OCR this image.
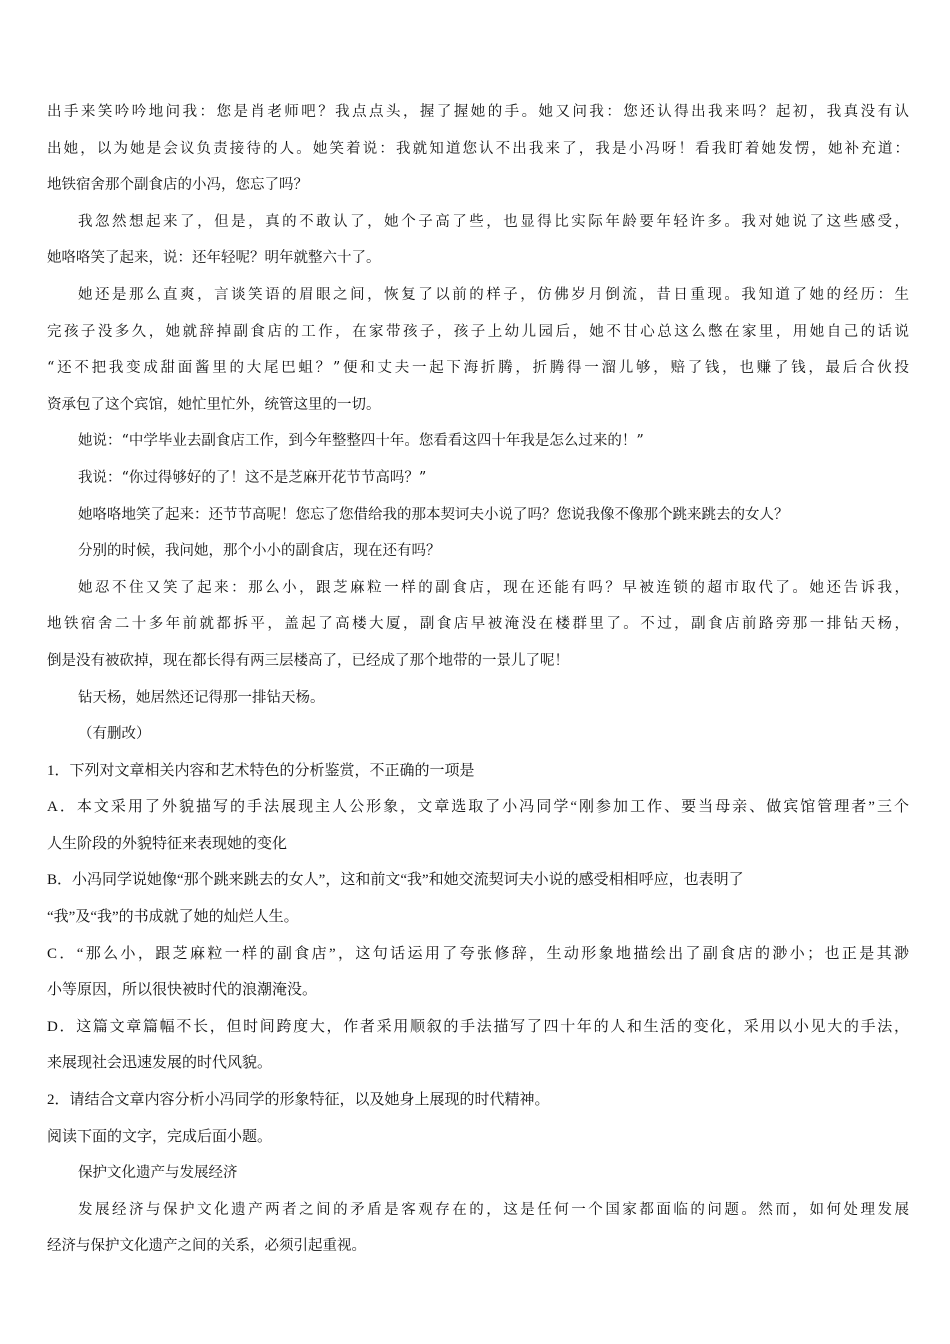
出手来笑吟吟地问我：您是肖老师吧？我点点头，握了握她的手。她又问我：您还认得出我来吗？起初，我真没有认

出她，以为她是会议负责接待的人。她笑着说：我就知道您认不出我来了，我是小冯呀！看我盯着她发愣，她补充道：

地铁宿舍那个副食店的小冯，您忘了吗？

我忽然想起来了，但是，真的不敢认了，她个子高了些，也显得比实际年龄要年轻许多。我对她说了这些感受，

她咯咯笑了起来，说：还年轻呢？明年就整六十了。

她还是那么直爽，言谈笑语的眉眼之间，恢复了以前的样子，仿佛岁月倒流，昔日重现。我知道了她的经历：生

完孩子没多久，她就辞掉副食店的工作，在家带孩子，孩子上幼儿园后，她不甘心总这么憋在家里，用她自己的话说

“还不把我变成甜面酱里的大尾巴蛆？”便和丈夫一起下海折腾，折腾得一溜儿够，赔了钱，也赚了钱，最后合伙投

资承包了这个宾馆，她忙里忙外，统管这里的一切。

她说：“中学毕业去副食店工作，到今年整整四十年。您看看这四十年我是怎么过来的！”

我说：“你过得够好的了！这不是芝麻开花节节高吗？”

她咯咯地笑了起来：还节节高呢！您忘了您借给我的那本契诃夫小说了吗？您说我像不像那个跳来跳去的女人？

分别的时候，我问她，那个小小的副食店，现在还有吗？

她忍不住又笑了起来：那么小，跟芝麻粒一样的副食店，现在还能有吗？早被连锁的超市取代了。她还告诉我，

地铁宿舍二十多年前就都拆平，盖起了高楼大厦，副食店早被淹没在楼群里了。不过，副食店前路旁那一排钻天杨，

倒是没有被砍掉，现在都长得有两三层楼高了，已经成了那个地带的一景儿了呢！

钻天杨，她居然还记得那一排钻天杨。

（有删改）

1．下列对文章相关内容和艺术特色的分析鉴赏，不正确的一项是

A．本文采用了外貌描写的手法展现主人公形象，文章选取了小冯同学“刚参加工作、要当母亲、做宾馆管理者”三个

人生阶段的外貌特征来表现她的变化

B．小冯同学说她像“那个跳来跳去的女人”，这和前文“我”和她交流契诃夫小说的感受相相呼应，也表明了

“我”及“我”的书成就了她的灿烂人生。

C．“那么小，跟芝麻粒一样的副食店”，这句话运用了夸张修辞，生动形象地描绘出了副食店的渺小；也正是其渺

小等原因，所以很快被时代的浪潮淹没。

D．这篇文章篇幅不长，但时间跨度大，作者采用顺叙的手法描写了四十年的人和生活的变化，采用以小见大的手法，

来展现社会迅速发展的时代风貌。

2．请结合文章内容分析小冯同学的形象特征，以及她身上展现的时代精神。

阅读下面的文字，完成后面小题。

保护文化遗产与发展经济

发展经济与保护文化遗产两者之间的矛盾是客观存在的，这是任何一个国家都面临的问题。然而，如何处理发展

经济与保护文化遗产之间的关系，必须引起重视。
